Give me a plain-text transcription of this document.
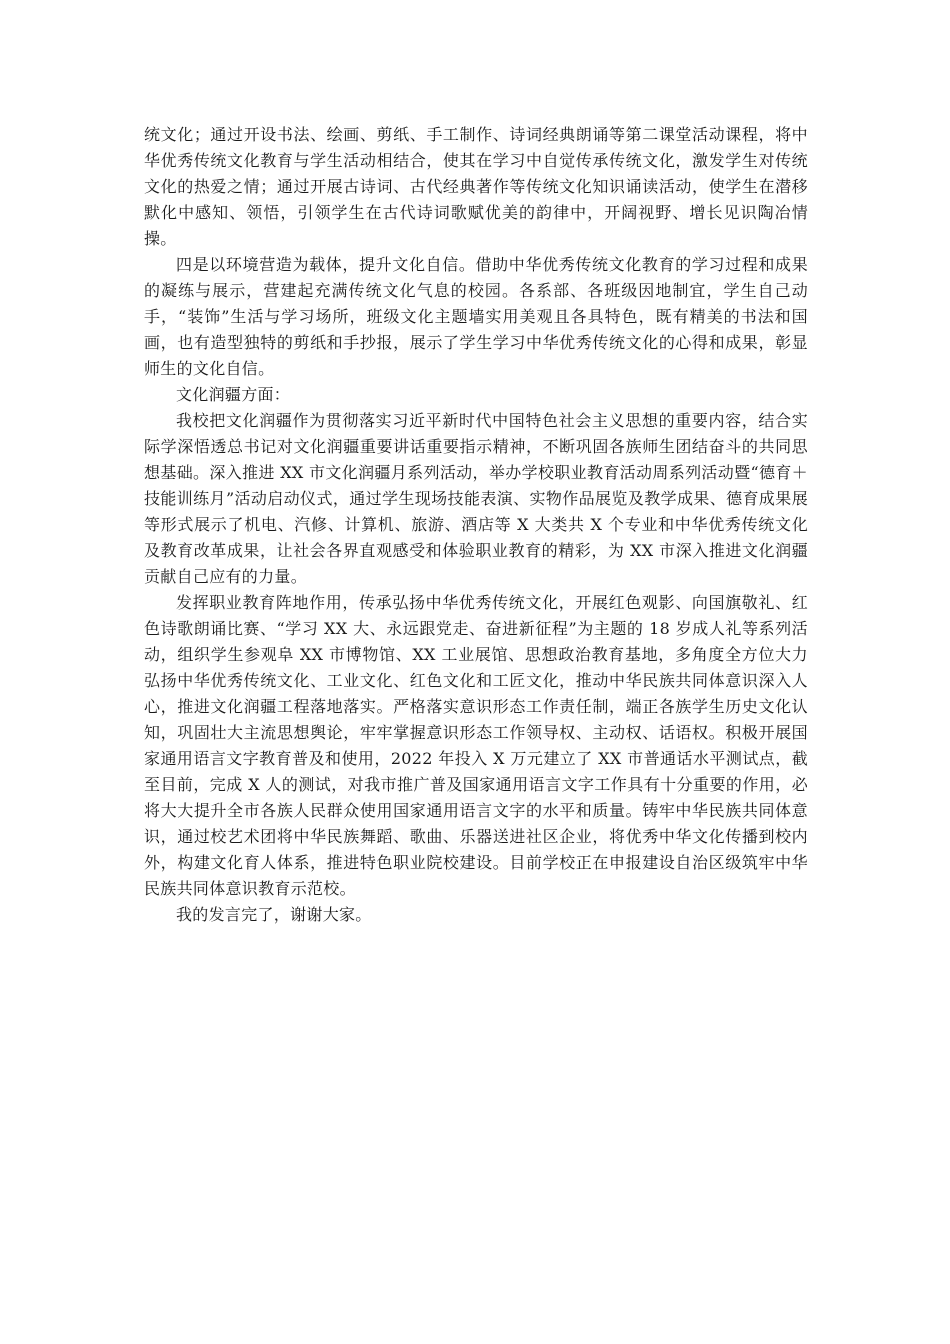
统文化；通过开设书法、绘画、剪纸、手工制作、诗词经典朗诵等第二课堂活动课程，将中华优秀传统文化教育与学生活动相结合，使其在学习中自觉传承传统文化，激发学生对传统文化的热爱之情；通过开展古诗词、古代经典著作等传统文化知识诵读活动，使学生在潜移默化中感知、领悟，引领学生在古代诗词歌赋优美的韵律中，开阔视野、增长见识陶冶情操。

四是以环境营造为载体，提升文化自信。借助中华优秀传统文化教育的学习过程和成果的凝练与展示，营建起充满传统文化气息的校园。各系部、各班级因地制宜，学生自己动手，“装饰”生活与学习场所，班级文化主题墙实用美观且各具特色，既有精美的书法和国画，也有造型独特的剪纸和手抄报，展示了学生学习中华优秀传统文化的心得和成果，彰显师生的文化自信。

文化润疆方面：

我校把文化润疆作为贯彻落实习近平新时代中国特色社会主义思想的重要内容，结合实际学深悟透总书记对文化润疆重要讲话重要指示精神，不断巩固各族师生团结奋斗的共同思想基础。深入推进 XX 市文化润疆月系列活动，举办学校职业教育活动周系列活动暨“德育＋技能训练月”活动启动仪式，通过学生现场技能表演、实物作品展览及教学成果、德育成果展等形式展示了机电、汽修、计算机、旅游、酒店等 X 大类共 X 个专业和中华优秀传统文化及教育改革成果，让社会各界直观感受和体验职业教育的精彩，为 XX 市深入推进文化润疆贡献自己应有的力量。

发挥职业教育阵地作用，传承弘扬中华优秀传统文化，开展红色观影、向国旗敬礼、红色诗歌朗诵比赛、“学习 XX 大、永远跟党走、奋进新征程”为主题的 18 岁成人礼等系列活动，组织学生参观阜 XX 市博物馆、XX 工业展馆、思想政治教育基地，多角度全方位大力弘扬中华优秀传统文化、工业文化、红色文化和工匠文化，推动中华民族共同体意识深入人心，推进文化润疆工程落地落实。严格落实意识形态工作责任制，端正各族学生历史文化认知，巩固壮大主流思想舆论，牢牢掌握意识形态工作领导权、主动权、话语权。积极开展国家通用语言文字教育普及和使用，2022 年投入 X 万元建立了 XX 市普通话水平测试点，截至目前，完成 X 人的测试，对我市推广普及国家通用语言文字工作具有十分重要的作用，必将大大提升全市各族人民群众使用国家通用语言文字的水平和质量。铸牢中华民族共同体意识，通过校艺术团将中华民族舞蹈、歌曲、乐器送进社区企业，将优秀中华文化传播到校内外，构建文化育人体系，推进特色职业院校建设。目前学校正在申报建设自治区级筑牢中华民族共同体意识教育示范校。

我的发言完了，谢谢大家。
